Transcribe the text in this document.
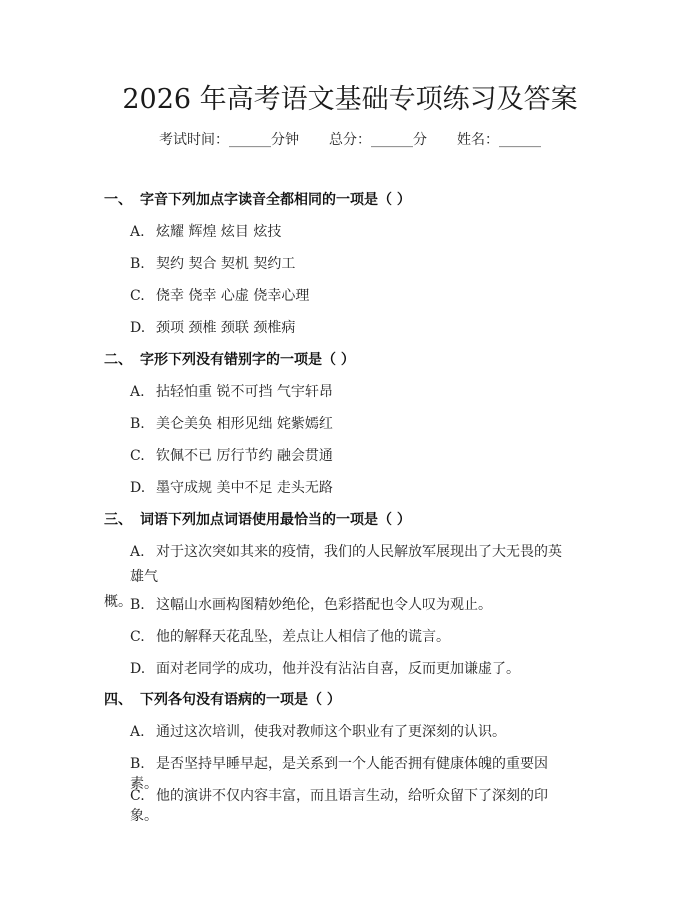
2026 年高考语文基础专项练习及答案
考试时间：______分钟 总分：______分 姓名：______
一、 字音下列加点字读音全都相同的一项是（ ）
A. 炫耀 辉煌 炫目 炫技
B. 契约 契合 契机 契约工
C. 侥幸 侥幸 心虚 侥幸心理
D. 颈项 颈椎 颈联 颈椎病
二、 字形下列没有错别字的一项是（ ）
A. 拈轻怕重 锐不可挡 气宇轩昂
B. 美仑美奂 相形见绌 姹紫嫣红
C. 钦佩不已 厉行节约 融会贯通
D. 墨守成规 美中不足 走头无路
三、 词语下列加点词语使用最恰当的一项是（ ）
A. 对于这次突如其来的疫情，我们的人民解放军展现出了大无畏的英雄气
概。
B. 这幅山水画构图精妙绝伦，色彩搭配也令人叹为观止。
C. 他的解释天花乱坠，差点让人相信了他的谎言。
D. 面对老同学的成功，他并没有沾沾自喜，反而更加谦虚了。
四、 下列各句没有语病的一项是（ ）
A. 通过这次培训，使我对教师这个职业有了更深刻的认识。
B. 是否坚持早睡早起，是关系到一个人能否拥有健康体魄的重要因素。
C. 他的演讲不仅内容丰富，而且语言生动，给听众留下了深刻的印象。
